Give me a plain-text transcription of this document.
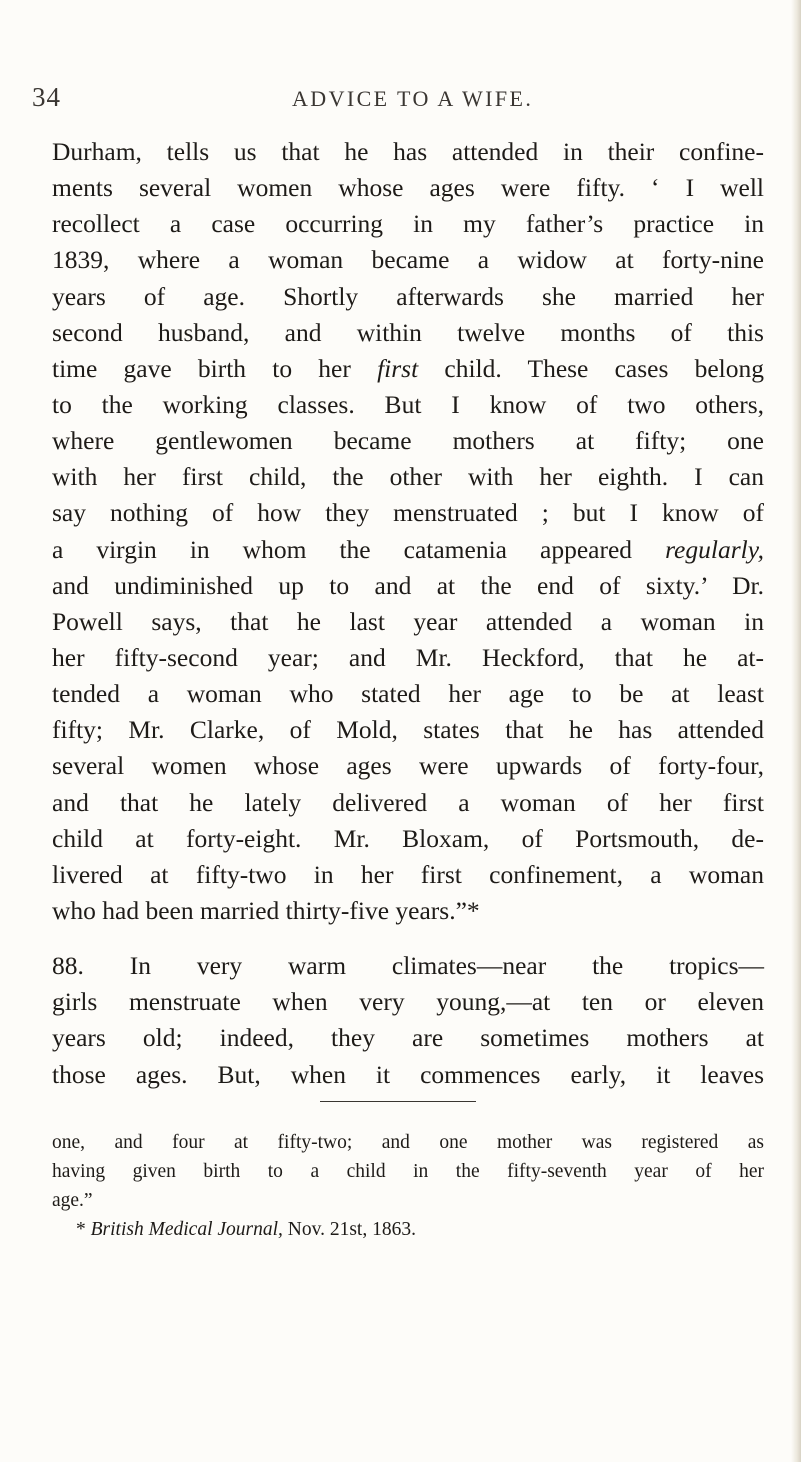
34	ADVICE TO A WIFE.
Durham, tells us that he has attended in their confine-
ments several women whose ages were fifty. ‘ I well
recollect a case occurring in my father’s practice in
1839, where a woman became a widow at forty-nine
years of age. Shortly afterwards she married her
second husband, and within twelve months of this
time gave birth to her first child. These cases belong
to the working classes. But I know of two others,
where gentlewomen became mothers at fifty; one
with her first child, the other with her eighth. I can
say nothing of how they menstruated ; but I know of
a virgin in whom the catamenia appeared regularly,
and undiminished up to and at the end of sixty.’ Dr.
Powell says, that he last year attended a woman in
her fifty-second year; and Mr. Heckford, that he at-
tended a woman who stated her age to be at least
fifty; Mr. Clarke, of Mold, states that he has attended
several women whose ages were upwards of forty-four,
and that he lately delivered a woman of her first
child at forty-eight. Mr. Bloxam, of Portsmouth, de-
livered at fifty-two in her first confinement, a woman
who had been married thirty-five years.”*
88. In very warm climates—near the tropics—
girls menstruate when very young,—at ten or eleven
years old; indeed, they are sometimes mothers at
those ages. But, when it commences early, it leaves
one, and four at fifty-two; and one mother was registered as
having given birth to a child in the fifty-seventh year of her
age.”
* British Medical Journal, Nov. 21st, 1863.
